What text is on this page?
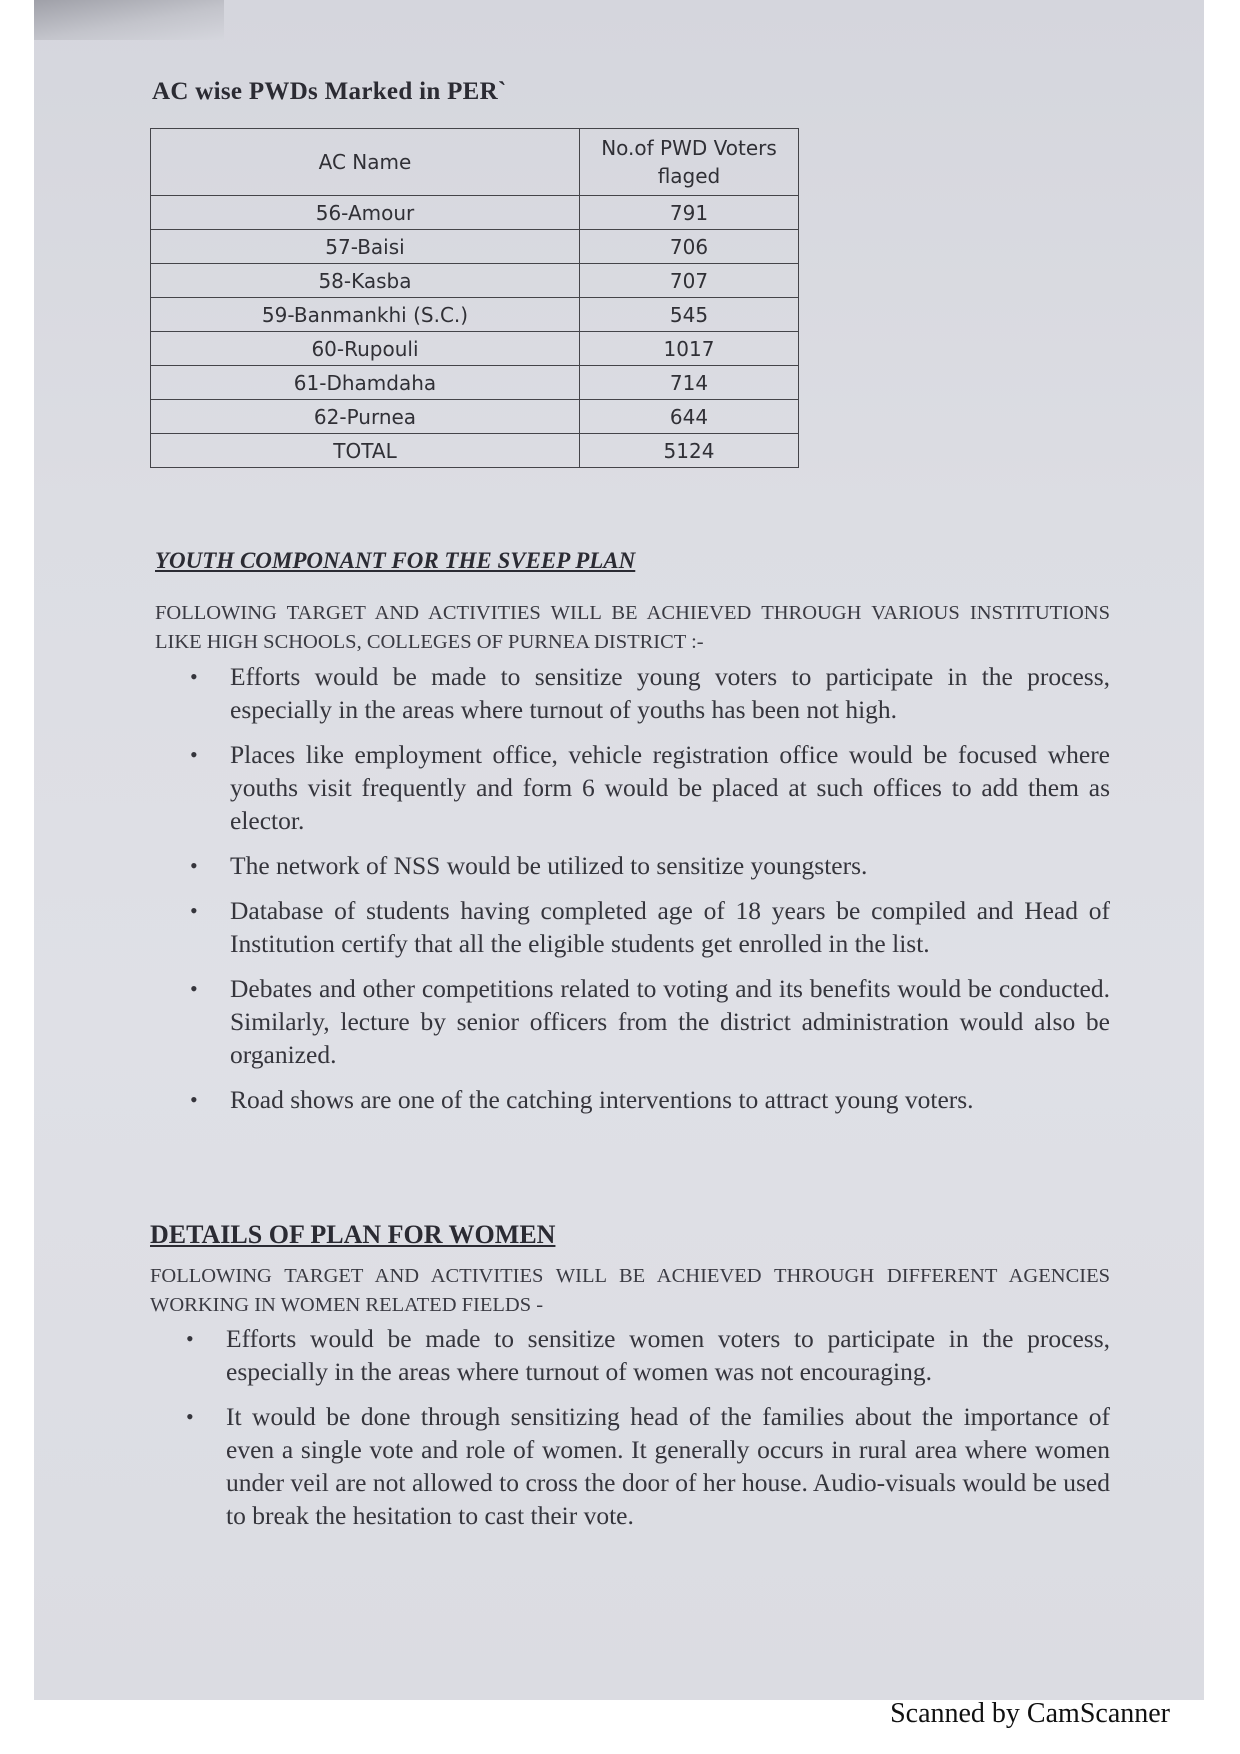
AC wise PWDs Marked in PER`
AC Name	No.of PWD Voters flaged
56-Amour	791
57-Baisi	706
58-Kasba	707
59-Banmankhi (S.C.)	545
60-Rupouli	1017
61-Dhamdaha	714
62-Purnea	644
TOTAL	5124
YOUTH COMPONANT FOR THE SVEEP PLAN
FOLLOWING TARGET AND ACTIVITIES WILL BE ACHIEVED THROUGH VARIOUS INSTITUTIONS LIKE HIGH SCHOOLS, COLLEGES OF PURNEA DISTRICT :-
• Efforts would be made to sensitize young voters to participate in the process, especially in the areas where turnout of youths has been not high.
• Places like employment office, vehicle registration office would be focused where youths visit frequently and form 6 would be placed at such offices to add them as elector.
• The network of NSS would be utilized to sensitize youngsters.
• Database of students having completed age of 18 years be compiled and Head of Institution certify that all the eligible students get enrolled in the list.
• Debates and other competitions related to voting and its benefits would be conducted. Similarly, lecture by senior officers from the district administration would also be organized.
• Road shows are one of the catching interventions to attract young voters.
DETAILS OF PLAN FOR WOMEN
FOLLOWING TARGET AND ACTIVITIES WILL BE ACHIEVED THROUGH DIFFERENT AGENCIES WORKING IN WOMEN RELATED FIELDS -
• Efforts would be made to sensitize women voters to participate in the process, especially in the areas where turnout of women was not encouraging.
• It would be done through sensitizing head of the families about the importance of even a single vote and role of women. It generally occurs in rural area where women under veil are not allowed to cross the door of her house. Audio-visuals would be used to break the hesitation to cast their vote.
Scanned by CamScanner
